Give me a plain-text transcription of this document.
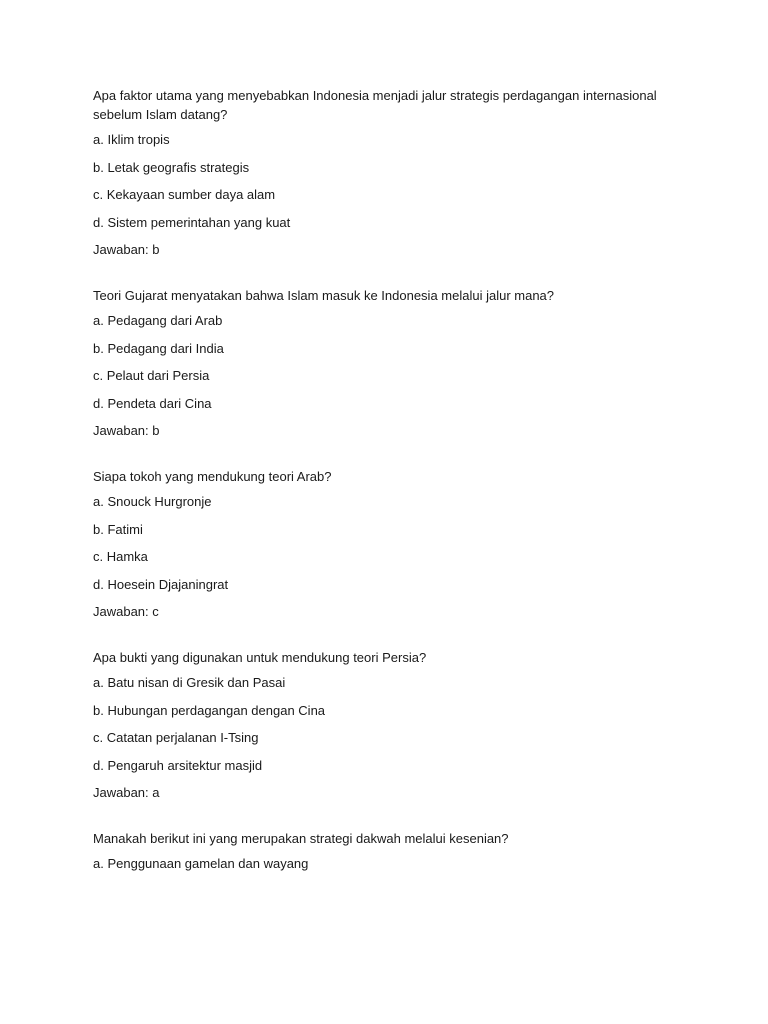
Apa faktor utama yang menyebabkan Indonesia menjadi jalur strategis perdagangan internasional sebelum Islam datang?

a. Iklim tropis
b. Letak geografis strategis
c. Kekayaan sumber daya alam
d. Sistem pemerintahan yang kuat
Jawaban: b

Teori Gujarat menyatakan bahwa Islam masuk ke Indonesia melalui jalur mana?

a. Pedagang dari Arab
b. Pedagang dari India
c. Pelaut dari Persia
d. Pendeta dari Cina
Jawaban: b

Siapa tokoh yang mendukung teori Arab?

a. Snouck Hurgronje
b. Fatimi
c. Hamka
d. Hoesein Djajaningrat
Jawaban: c

Apa bukti yang digunakan untuk mendukung teori Persia?

a. Batu nisan di Gresik dan Pasai
b. Hubungan perdagangan dengan Cina
c. Catatan perjalanan I-Tsing
d. Pengaruh arsitektur masjid
Jawaban: a

Manakah berikut ini yang merupakan strategi dakwah melalui kesenian?

a. Penggunaan gamelan dan wayang
